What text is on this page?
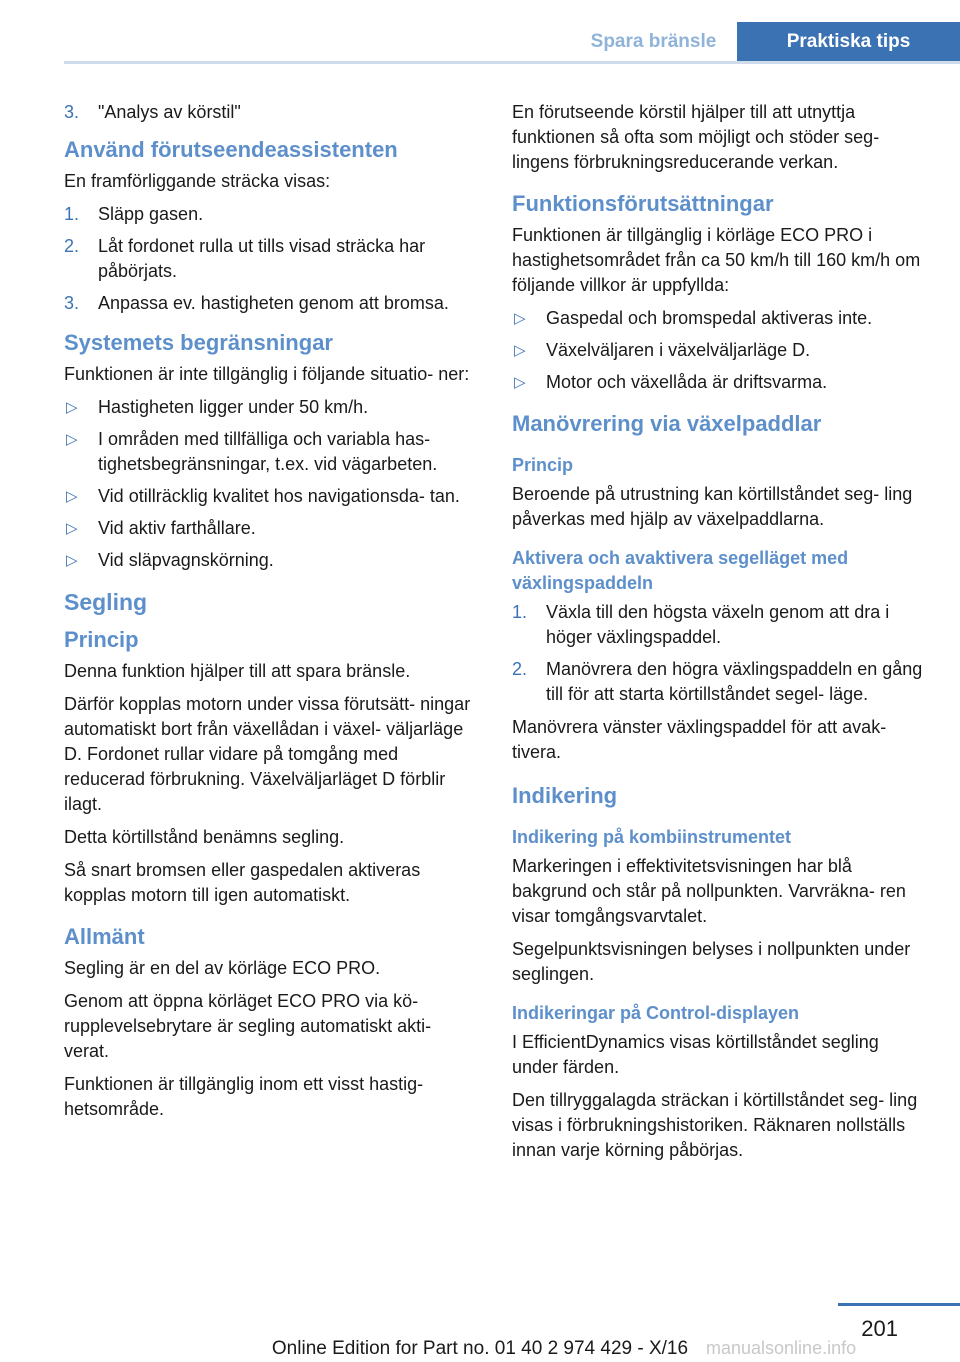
Spara bränsle	Praktiska tips
3. "Analys av körstil"
Använd förutseendeassistenten

En framförliggande sträcka visas:

1. Släpp gasen.
2. Låt fordonet rulla ut tills visad sträcka har påbörjats.
3. Anpassa ev. hastigheten genom att bromsa.
Systemets begränsningar

Funktionen är inte tillgänglig i följande situatio‐ ner:

▷ Hastigheten ligger under 50 km/h.
▷ I områden med tillfälliga och variabla has‐ tighetsbegränsningar, t.ex. vid vägarbeten.
▷ Vid otillräcklig kvalitet hos navigationsda‐ tan.
▷ Vid aktiv farthållare.
▷ Vid släpvagnskörning.
Segling
Princip

Denna funktion hjälper till att spara bränsle.

Därför kopplas motorn under vissa förutsätt‐ ningar automatiskt bort från växellådan i växel‐ väljarläge D. Fordonet rullar vidare på tomgång med reducerad förbrukning. Växelväljarläget D förblir ilagt.

Detta körtillstånd benämns segling.

Så snart bromsen eller gaspedalen aktiveras kopplas motorn till igen automatiskt.

Allmänt

Segling är en del av körläge ECO PRO.

Genom att öppna körläget ECO PRO via kö‐ rupplevelsebrytare är segling automatiskt akti‐ verat.

Funktionen är tillgänglig inom ett visst hastig‐ hetsområde.

En förutseende körstil hjälper till att utnyttja funktionen så ofta som möjligt och stöder seg‐ lingens förbrukningsreducerande verkan.

Funktionsförutsättningar

Funktionen är tillgänglig i körläge ECO PRO i hastighetsområdet från ca 50 km/h till 160 km/h om följande villkor är uppfyllda:

▷ Gaspedal och bromspedal aktiveras inte.
▷ Växelväljaren i växelväljarläge D.
▷ Motor och växellåda är driftsvarma.
Manövrering via växelpaddlar
Princip

Beroende på utrustning kan körtillståndet seg‐ ling påverkas med hjälp av växelpaddlarna.

Aktivera och avaktivera segelläget med växlingspaddeln
1. Växla till den högsta växeln genom att dra i höger växlingspaddel.
2. Manövrera den högra växlingspaddeln en gång till för att starta körtillståndet segel‐ läge.

Manövrera vänster växlingspaddel för att avak‐ tivera.

Indikering
Indikering på kombiinstrumentet

Markeringen i effektivitetsvisningen har blå bakgrund och står på nollpunkten. Varvräkna‐ ren visar tomgångsvarvtalet.

Segelpunktsvisningen belyses i nollpunkten under seglingen.

Indikeringar på Control-displayen

I EfficientDynamics visas körtillståndet segling under färden.

Den tillryggalagda sträckan i körtillståndet seg‐ ling visas i förbrukningshistoriken. Räknaren nollställs innan varje körning påbörjas.

201
Online Edition for Part no. 01 40 2 974 429 - X/16 manualsonline.info
